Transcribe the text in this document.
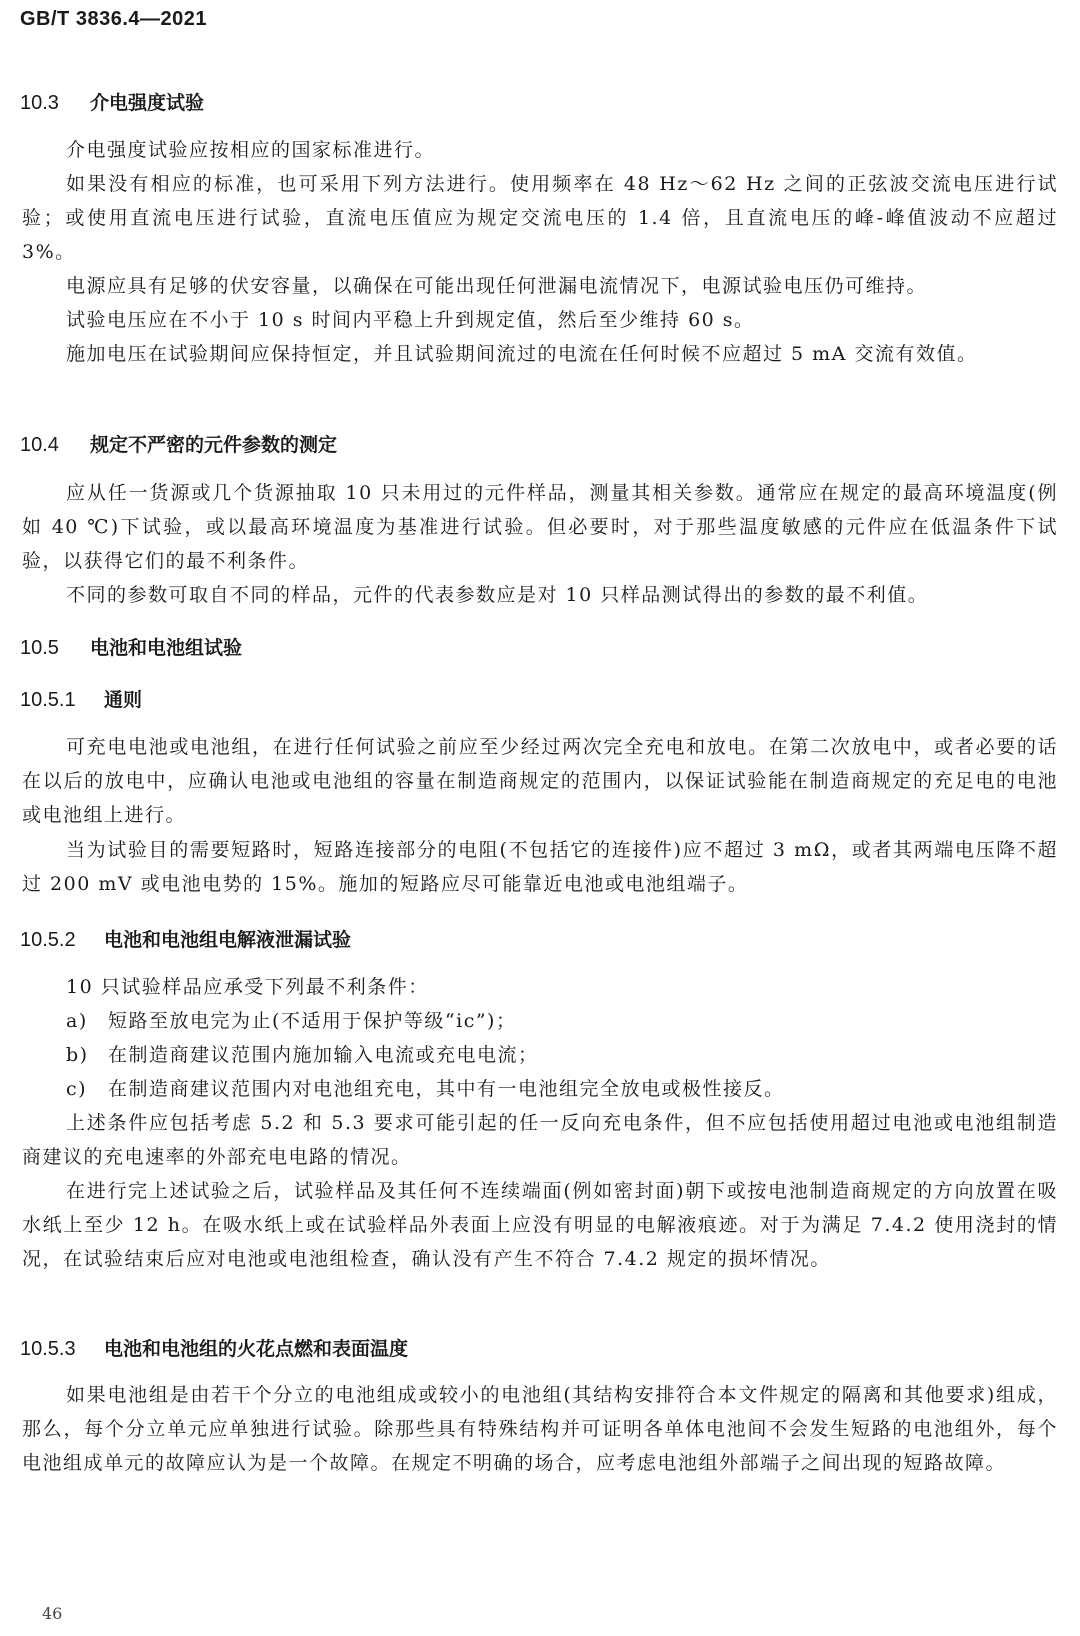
GB/T 3836.4—2021

10.3 介电强度试验

介电强度试验应按相应的国家标准进行。

如果没有相应的标准，也可采用下列方法进行。使用频率在 48 Hz～62 Hz 之间的正弦波交流电压进行试验；或使用直流电压进行试验，直流电压值应为规定交流电压的 1.4 倍，且直流电压的峰-峰值波动不应超过 3%。

电源应具有足够的伏安容量，以确保在可能出现任何泄漏电流情况下，电源试验电压仍可维持。

试验电压应在不小于 10 s 时间内平稳上升到规定值，然后至少维持 60 s。

施加电压在试验期间应保持恒定，并且试验期间流过的电流在任何时候不应超过 5 mA 交流有效值。

10.4 规定不严密的元件参数的测定

应从任一货源或几个货源抽取 10 只未用过的元件样品，测量其相关参数。通常应在规定的最高环境温度(例如 40 ℃)下试验，或以最高环境温度为基准进行试验。但必要时，对于那些温度敏感的元件应在低温条件下试验，以获得它们的最不利条件。

不同的参数可取自不同的样品，元件的代表参数应是对 10 只样品测试得出的参数的最不利值。

10.5 电池和电池组试验
10.5.1 通则

可充电电池或电池组，在进行任何试验之前应至少经过两次完全充电和放电。在第二次放电中，或者必要的话在以后的放电中，应确认电池或电池组的容量在制造商规定的范围内，以保证试验能在制造商规定的充足电的电池或电池组上进行。

当为试验目的需要短路时，短路连接部分的电阻(不包括它的连接件)应不超过 3 mΩ，或者其两端电压降不超过 200 mV 或电池电势的 15%。施加的短路应尽可能靠近电池或电池组端子。

10.5.2 电池和电池组电解液泄漏试验

10 只试验样品应承受下列最不利条件：

a) 短路至放电完为止(不适用于保护等级“ic”)；

b) 在制造商建议范围内施加输入电流或充电电流；

c) 在制造商建议范围内对电池组充电，其中有一电池组完全放电或极性接反。

上述条件应包括考虑 5.2 和 5.3 要求可能引起的任一反向充电条件，但不应包括使用超过电池或电池组制造商建议的充电速率的外部充电电路的情况。

在进行完上述试验之后，试验样品及其任何不连续端面(例如密封面)朝下或按电池制造商规定的方向放置在吸水纸上至少 12 h。在吸水纸上或在试验样品外表面上应没有明显的电解液痕迹。对于为满足 7.4.2 使用浇封的情况，在试验结束后应对电池或电池组检查，确认没有产生不符合 7.4.2 规定的损坏情况。

10.5.3 电池和电池组的火花点燃和表面温度

如果电池组是由若干个分立的电池组成或较小的电池组(其结构安排符合本文件规定的隔离和其他要求)组成，那么，每个分立单元应单独进行试验。除那些具有特殊结构并可证明各单体电池间不会发生短路的电池组外，每个电池组成单元的故障应认为是一个故障。在规定不明确的场合，应考虑电池组外部端子之间出现的短路故障。

46
